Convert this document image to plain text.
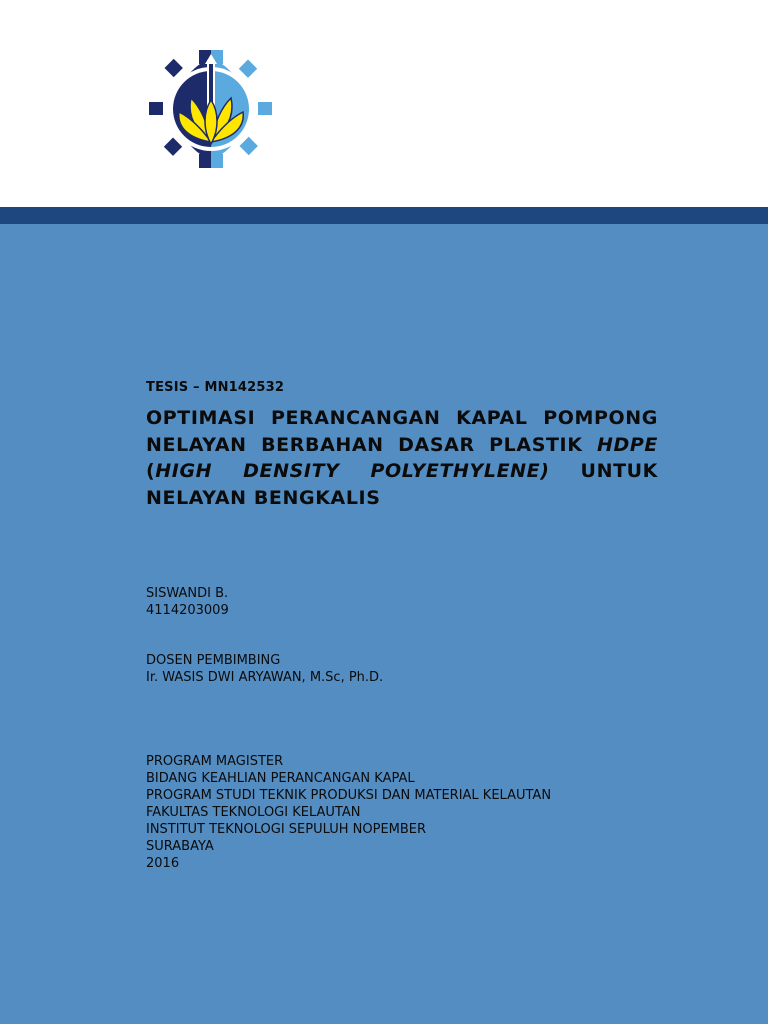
TESIS – MN142532
OPTIMASI PERANCANGAN KAPAL POMPONG
NELAYAN BERBAHAN DASAR PLASTIK HDPE
(HIGH DENSITY POLYETHYLENE) UNTUK
NELAYAN BENGKALIS
SISWANDI B.
4114203009
DOSEN PEMBIMBING
Ir. WASIS DWI ARYAWAN, M.Sc, Ph.D.
PROGRAM MAGISTER
BIDANG KEAHLIAN PERANCANGAN KAPAL
PROGRAM STUDI TEKNIK PRODUKSI DAN MATERIAL KELAUTAN
FAKULTAS TEKNOLOGI KELAUTAN
INSTITUT TEKNOLOGI SEPULUH NOPEMBER
SURABAYA
2016
